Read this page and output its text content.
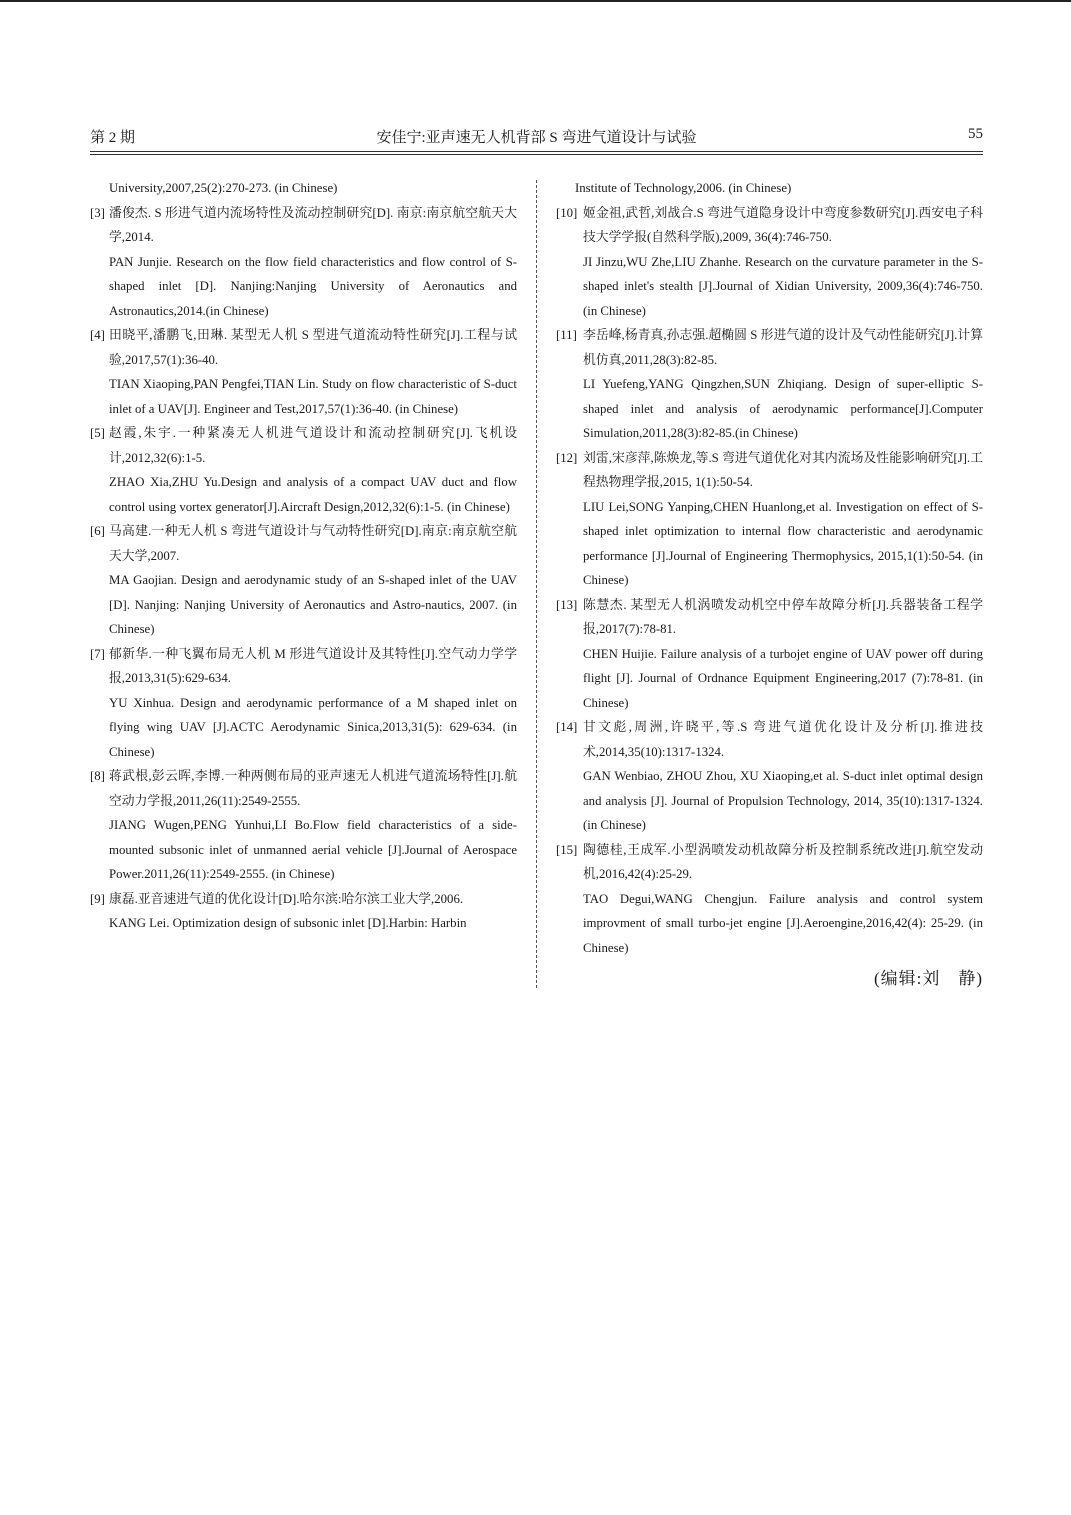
第 2 期	安佳宁:亚声速无人机背部 S 弯进气道设计与试验	55
University,2007,25(2):270-273. (in Chinese)
[3] 潘俊杰. S 形进气道内流场特性及流动控制研究[D]. 南京:南京航空航天大学,2014.
PAN Junjie. Research on the flow field characteristics and flow control of S-shaped inlet [D]. Nanjing:Nanjing University of Aeronautics and Astronautics,2014.(in Chinese)
[4] 田晓平,潘鹏飞,田琳. 某型无人机 S 型进气道流动特性研究[J].工程与试验,2017,57(1):36-40.
TIAN Xiaoping,PAN Pengfei,TIAN Lin. Study on flow characteristic of S-duct inlet of a UAV[J]. Engineer and Test,2017,57(1):36-40. (in Chinese)
[5] 赵霞,朱宇.一种紧凑无人机进气道设计和流动控制研究[J].飞机设计,2012,32(6):1-5.
ZHAO Xia,ZHU Yu.Design and analysis of a compact UAV duct and flow control using vortex generator[J].Aircraft Design,2012,32(6):1-5. (in Chinese)
[6] 马高建.一种无人机 S 弯进气道设计与气动特性研究[D].南京:南京航空航天大学,2007.
MA Gaojian. Design and aerodynamic study of an S-shaped inlet of the UAV [D]. Nanjing: Nanjing University of Aeronautics and Astro-nautics, 2007. (in Chinese)
[7] 郁新华.一种飞翼布局无人机 M 形进气道设计及其特性[J].空气动力学学报,2013,31(5):629-634.
YU Xinhua. Design and aerodynamic performance of a M shaped inlet on flying wing UAV [J].ACTC Aerodynamic Sinica,2013,31(5): 629-634. (in Chinese)
[8] 蒋武根,彭云晖,李博.一种两侧布局的亚声速无人机进气道流场特性[J].航空动力学报,2011,26(11):2549-2555.
JIANG Wugen,PENG Yunhui,LI Bo.Flow field characteristics of a side-mounted subsonic inlet of unmanned aerial vehicle [J].Journal of Aerospace Power.2011,26(11):2549-2555. (in Chinese)
[9] 康磊.亚音速进气道的优化设计[D].哈尔滨:哈尔滨工业大学,2006.
KANG Lei. Optimization design of subsonic inlet [D].Harbin: Harbin
Institute of Technology,2006. (in Chinese)
[10] 姬金祖,武哲,刘战合.S 弯进气道隐身设计中弯度参数研究[J].西安电子科技大学学报(自然科学版),2009, 36(4):746-750.
JI Jinzu,WU Zhe,LIU Zhanhe. Research on the curvature parameter in the S-shaped inlet's stealth [J].Journal of Xidian University, 2009,36(4):746-750. (in Chinese)
[11] 李岳峰,杨青真,孙志强.超椭圆 S 形进气道的设计及气动性能研究[J].计算机仿真,2011,28(3):82-85.
LI Yuefeng,YANG Qingzhen,SUN Zhiqiang. Design of super-elliptic S-shaped inlet and analysis of aerodynamic performance[J].Computer Simulation,2011,28(3):82-85.(in Chinese)
[12] 刘雷,宋彦萍,陈焕龙,等.S 弯进气道优化对其内流场及性能影响研究[J].工程热物理学报,2015, 1(1):50-54.
LIU Lei,SONG Yanping,CHEN Huanlong,et al. Investigation on effect of S-shaped inlet optimization to internal flow characteristic and aerodynamic performance [J].Journal of Engineering Thermophysics, 2015,1(1):50-54. (in Chinese)
[13] 陈慧杰. 某型无人机涡喷发动机空中停车故障分析[J].兵器装备工程学报,2017(7):78-81.
CHEN Huijie. Failure analysis of a turbojet engine of UAV power off during flight [J]. Journal of Ordnance Equipment Engineering,2017 (7):78-81. (in Chinese)
[14] 甘文彪,周洲,许晓平,等.S 弯进气道优化设计及分析[J].推进技术,2014,35(10):1317-1324.
GAN Wenbiao, ZHOU Zhou, XU Xiaoping,et al. S-duct inlet optimal design and analysis [J]. Journal of Propulsion Technology, 2014, 35(10):1317-1324. (in Chinese)
[15] 陶德桂,王成军.小型涡喷发动机故障分析及控制系统改进[J].航空发动机,2016,42(4):25-29.
TAO Degui,WANG Chengjun. Failure analysis and control system improvment of small turbo-jet engine [J].Aeroengine,2016,42(4): 25-29. (in Chinese)
(编辑:刘　静)
